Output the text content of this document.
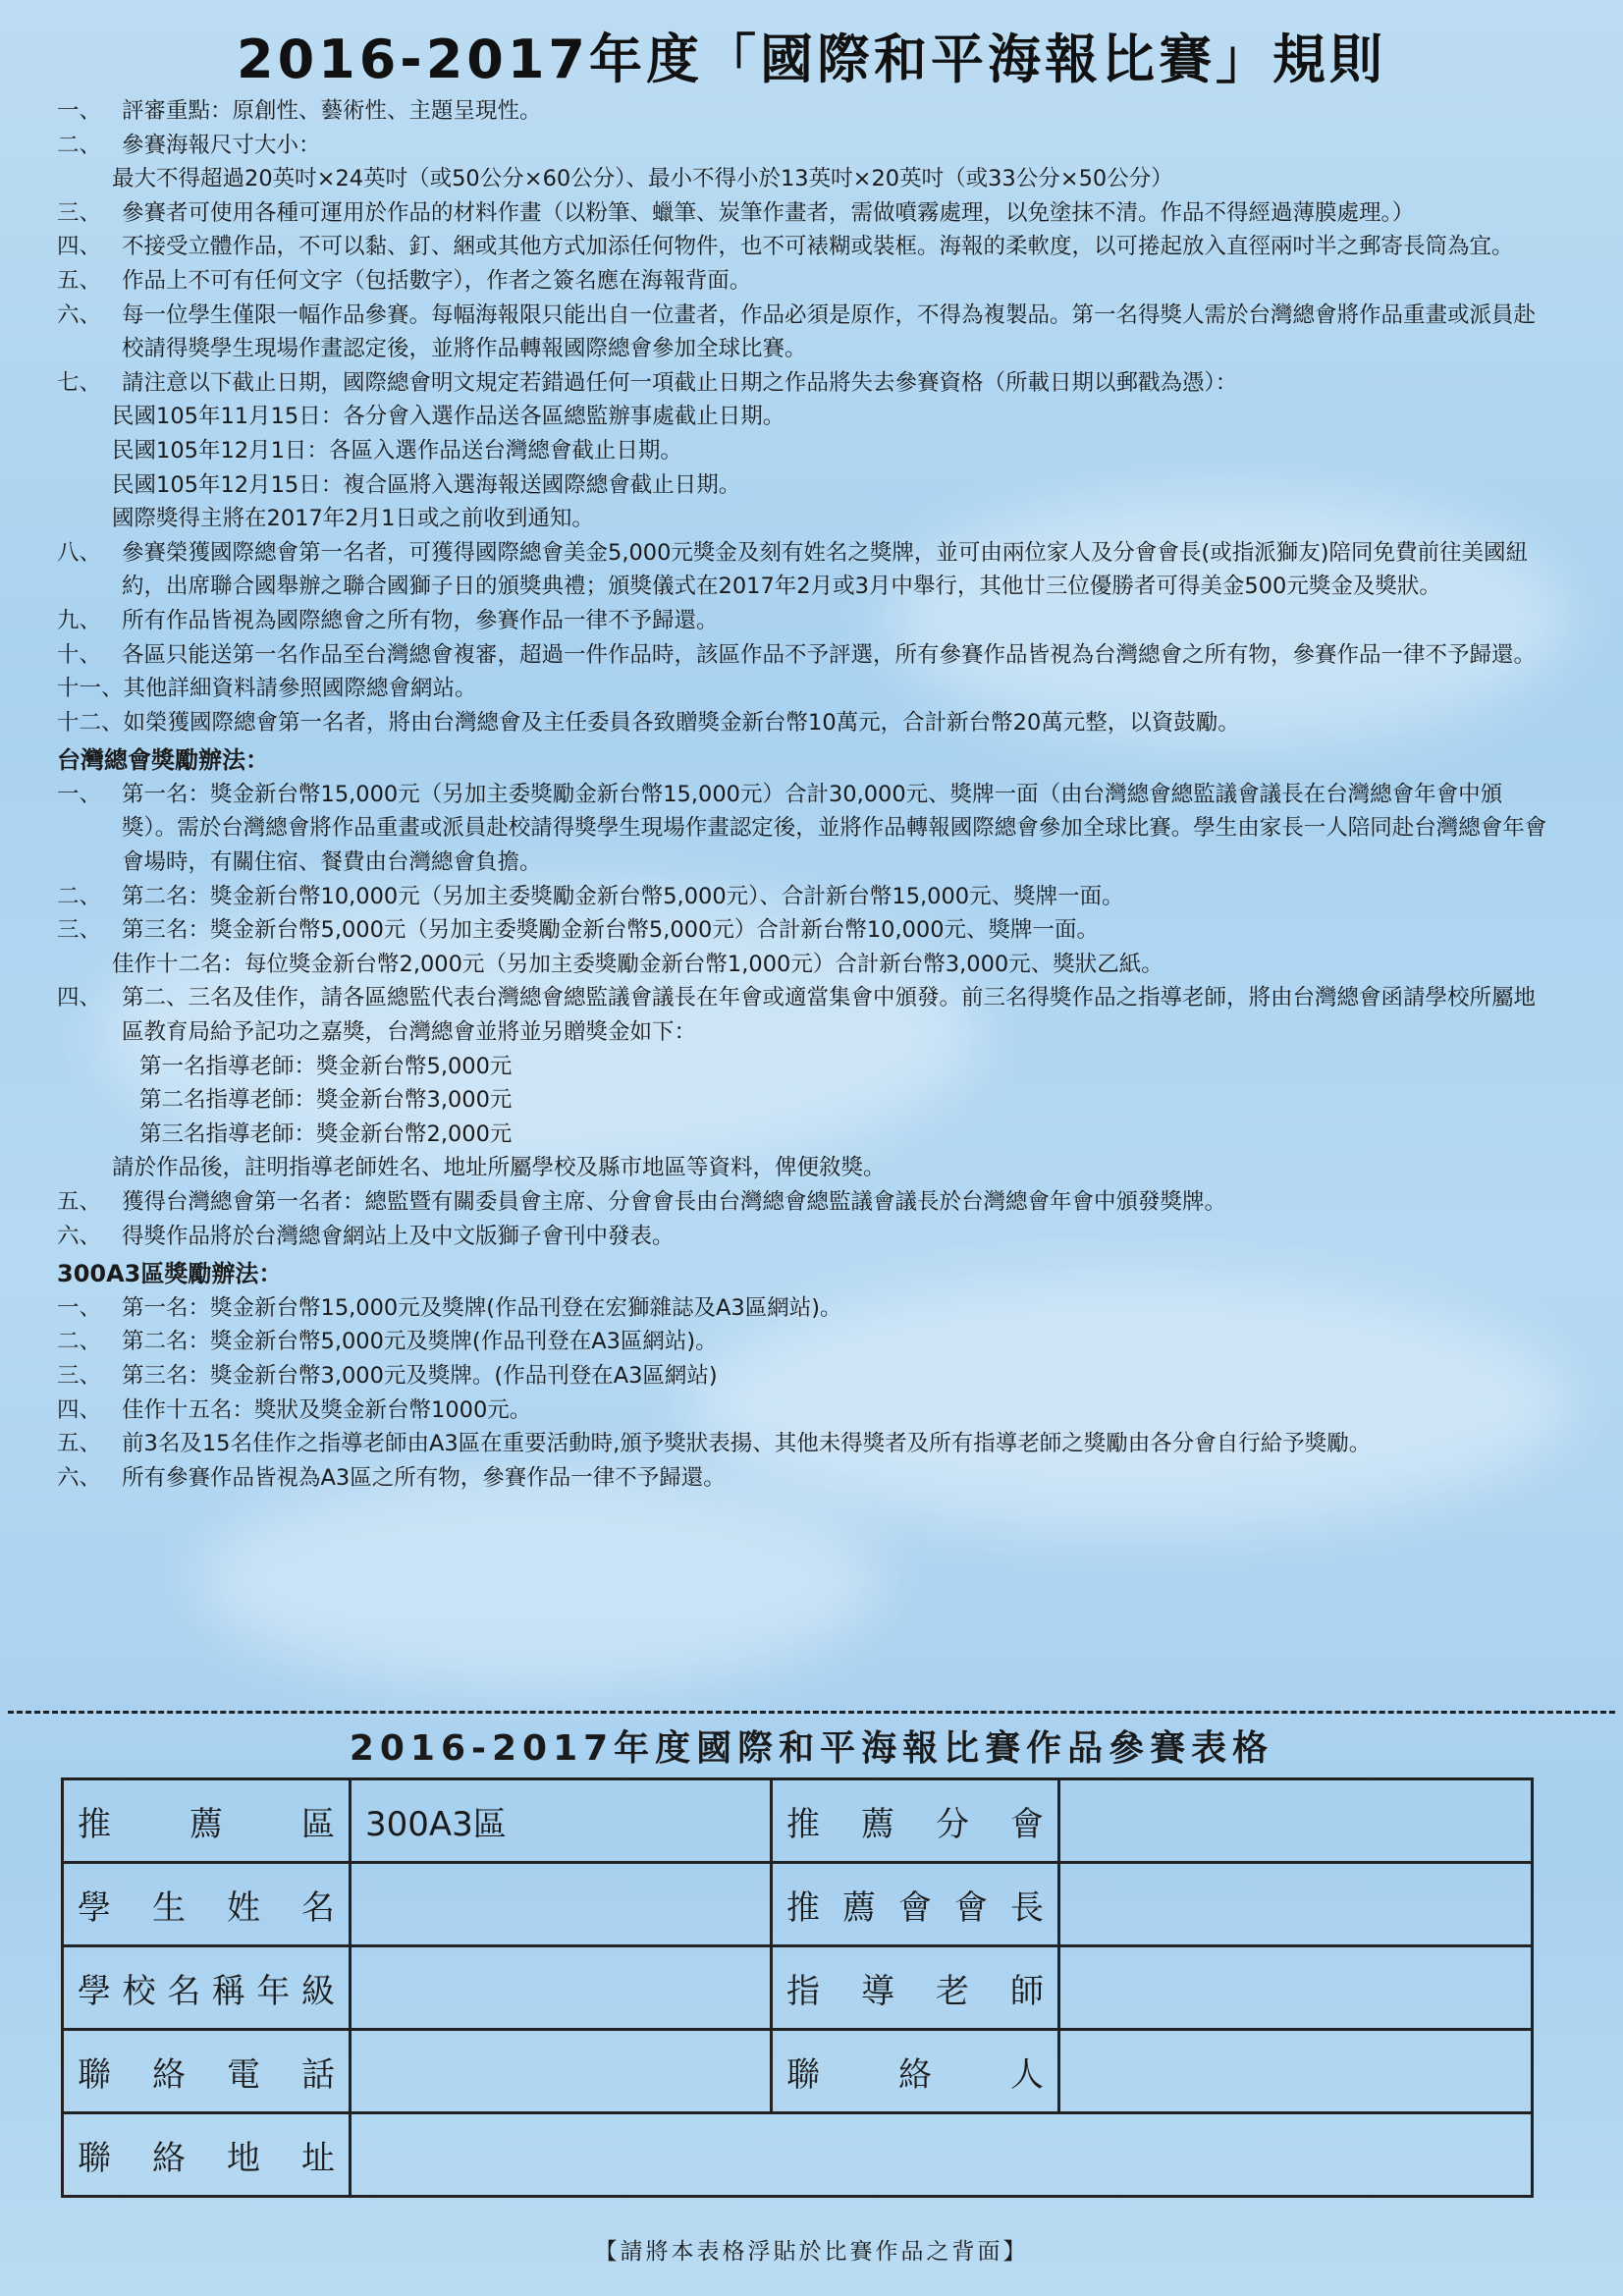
2016-2017年度「國際和平海報比賽」規則
一、 評審重點：原創性、藝術性、主題呈現性。
二、 參賽海報尺寸大小：
最大不得超過20英吋×24英吋（或50公分×60公分）、最小不得小於13英吋×20英吋（或33公分×50公分）
三、 參賽者可使用各種可運用於作品的材料作畫（以粉筆、蠟筆、炭筆作畫者，需做噴霧處理，以免塗抹不清。作品不得經過薄膜處理。）
四、 不接受立體作品，不可以黏、釘、綑或其他方式加添任何物件，也不可裱糊或裝框。海報的柔軟度，以可捲起放入直徑兩吋半之郵寄長筒為宜。
五、 作品上不可有任何文字（包括數字），作者之簽名應在海報背面。
六、 每一位學生僅限一幅作品參賽。每幅海報限只能出自一位畫者，作品必須是原作，不得為複製品。第一名得獎人需於台灣總會將作品重畫或派員赴校請得獎學生現場作畫認定後，並將作品轉報國際總會參加全球比賽。
七、 請注意以下截止日期，國際總會明文規定若錯過任何一項截止日期之作品將失去參賽資格（所載日期以郵戳為憑）：
民國105年11月15日：各分會入選作品送各區總監辦事處截止日期。
民國105年12月1日：各區入選作品送台灣總會截止日期。
民國105年12月15日：複合區將入選海報送國際總會截止日期。
國際獎得主將在2017年2月1日或之前收到通知。
八、 參賽榮獲國際總會第一名者，可獲得國際總會美金5,000元獎金及刻有姓名之獎牌，並可由兩位家人及分會會長(或指派獅友)陪同免費前往美國紐約，出席聯合國舉辦之聯合國獅子日的頒獎典禮；頒獎儀式在2017年2月或3月中舉行，其他廿三位優勝者可得美金500元獎金及獎狀。
九、 所有作品皆視為國際總會之所有物，參賽作品一律不予歸還。
十、 各區只能送第一名作品至台灣總會複審，超過一件作品時，該區作品不予評選，所有參賽作品皆視為台灣總會之所有物，參賽作品一律不予歸還。
十一、 其他詳細資料請參照國際總會網站。
十二、 如榮獲國際總會第一名者，將由台灣總會及主任委員各致贈獎金新台幣10萬元，合計新台幣20萬元整，以資鼓勵。
台灣總會獎勵辦法：
一、 第一名：獎金新台幣15,000元（另加主委獎勵金新台幣15,000元）合計30,000元、獎牌一面（由台灣總會總監議會議長在台灣總會年會中頒獎）。需於台灣總會將作品重畫或派員赴校請得獎學生現場作畫認定後，並將作品轉報國際總會參加全球比賽。學生由家長一人陪同赴台灣總會年會會場時，有關住宿、餐費由台灣總會負擔。
二、 第二名：獎金新台幣10,000元（另加主委獎勵金新台幣5,000元）、合計新台幣15,000元、獎牌一面。
三、 第三名：獎金新台幣5,000元（另加主委獎勵金新台幣5,000元）合計新台幣10,000元、獎牌一面。
佳作十二名：每位獎金新台幣2,000元（另加主委獎勵金新台幣1,000元）合計新台幣3,000元、獎狀乙紙。
四、 第二、三名及佳作，請各區總監代表台灣總會總監議會議長在年會或適當集會中頒發。前三名得獎作品之指導老師，將由台灣總會函請學校所屬地區教育局給予記功之嘉獎，台灣總會並將並另贈獎金如下：
第一名指導老師：獎金新台幣5,000元
第二名指導老師：獎金新台幣3,000元
第三名指導老師：獎金新台幣2,000元
請於作品後，註明指導老師姓名、地址所屬學校及縣市地區等資料，俾便敘獎。
五、 獲得台灣總會第一名者：總監暨有關委員會主席、分會會長由台灣總會總監議會議長於台灣總會年會中頒發獎牌。
六、 得獎作品將於台灣總會網站上及中文版獅子會刊中發表。
300A3區獎勵辦法：
一、 第一名：獎金新台幣15,000元及獎牌(作品刊登在宏獅雜誌及A3區網站)。
二、 第二名：獎金新台幣5,000元及獎牌(作品刊登在A3區網站)。
三、 第三名：獎金新台幣3,000元及獎牌。(作品刊登在A3區網站)
四、 佳作十五名：獎狀及獎金新台幣1000元。
五、 前3名及15名佳作之指導老師由A3區在重要活動時,頒予獎狀表揚、其他未得獎者及所有指導老師之獎勵由各分會自行給予獎勵。
六、 所有參賽作品皆視為A3區之所有物，參賽作品一律不予歸還。
2016-2017年度國際和平海報比賽作品參賽表格
推薦區	300A3區	推薦分會	
學生姓名		推薦會會長	
學校名稱年級		指導老師	
聯絡電話		聯絡人	
聯絡地址			
【請將本表格浮貼於比賽作品之背面】
